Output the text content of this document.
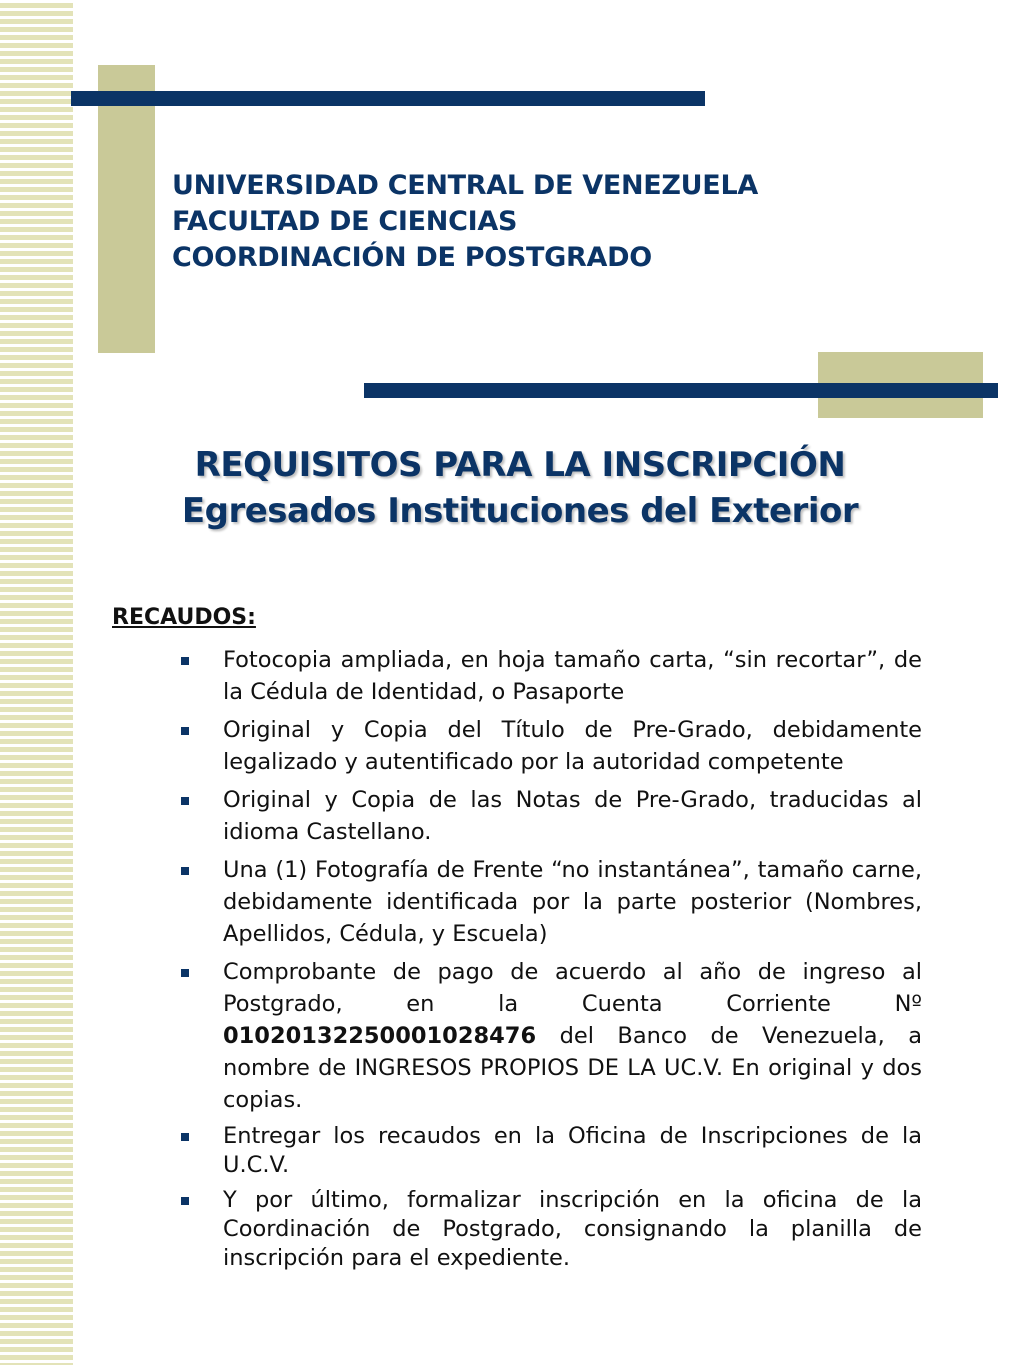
UNIVERSIDAD CENTRAL DE VENEZUELA
FACULTAD DE CIENCIAS
COORDINACIÓN DE POSTGRADO
REQUISITOS PARA LA INSCRIPCIÓN
Egresados Instituciones del Exterior
RECAUDOS:
Fotocopia ampliada, en hoja tamaño carta, “sin recortar”, de la Cédula de Identidad, o Pasaporte
Original y Copia del Título de Pre-Grado, debidamente legalizado y autentificado por la autoridad competente
Original y Copia de las Notas de Pre-Grado, traducidas al idioma Castellano.
Una (1) Fotografía de Frente “no instantánea”, tamaño carne, debidamente identificada por la parte posterior (Nombres, Apellidos, Cédula, y Escuela)
Comprobante de pago de acuerdo al año de ingreso al Postgrado, en la Cuenta Corriente Nº 01020132250001028476 del Banco de Venezuela, a nombre de INGRESOS PROPIOS DE LA UC.V. En original y dos copias.
Entregar los recaudos en la Oficina de Inscripciones de la U.C.V.
Y por último, formalizar inscripción en la oficina de la Coordinación de Postgrado, consignando la planilla de inscripción para el expediente.
